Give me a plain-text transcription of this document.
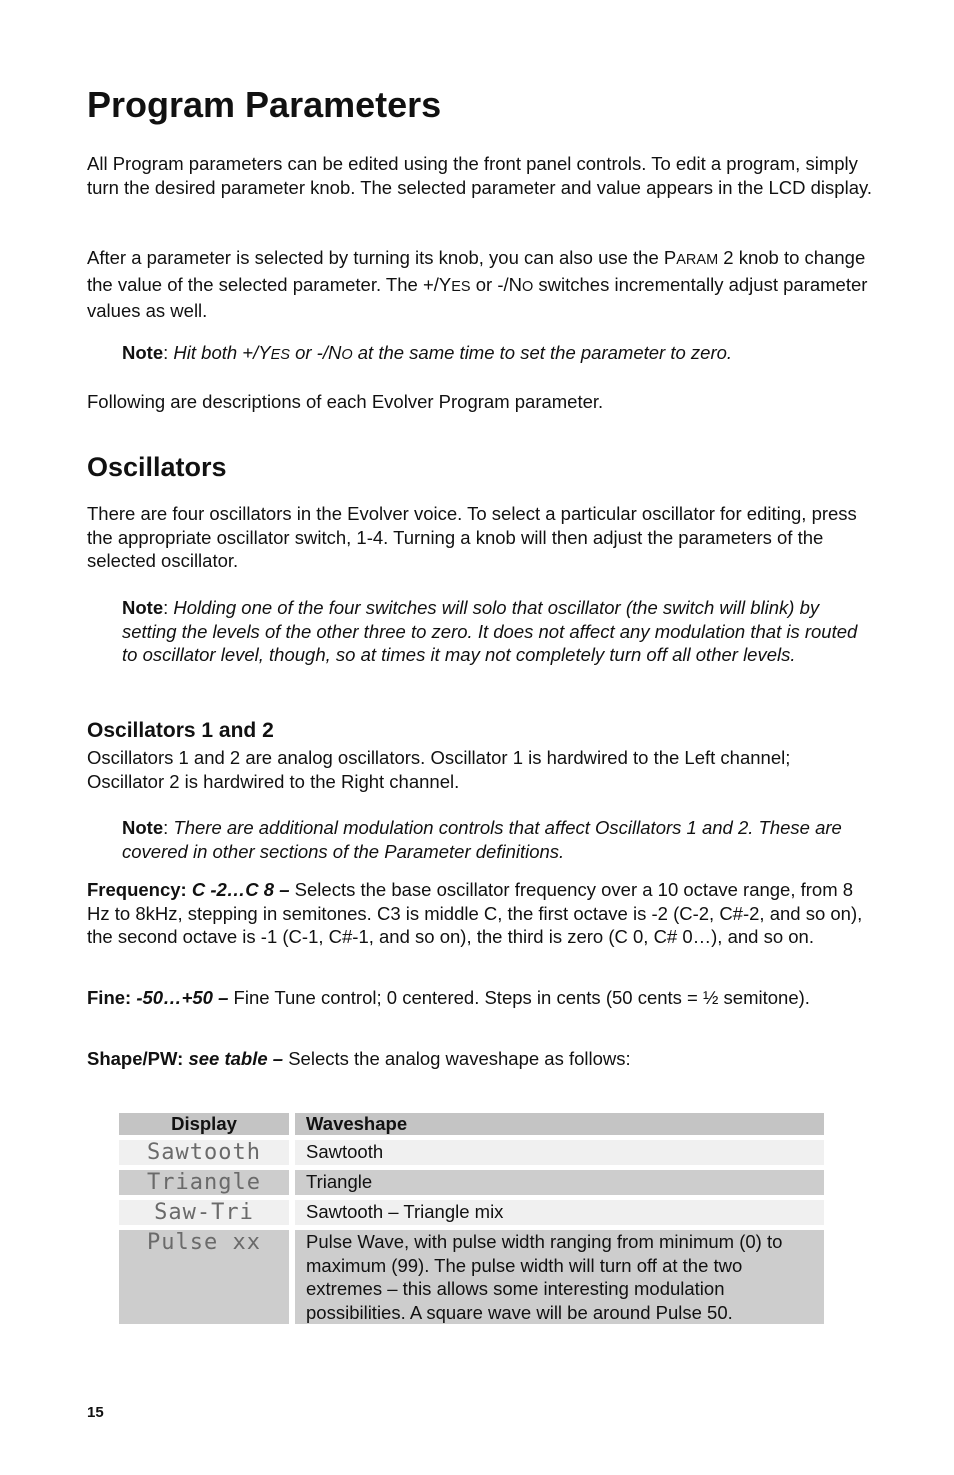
Program Parameters

All Program parameters can be edited using the front panel controls. To edit a program, simply turn the desired parameter knob. The selected parameter and value appears in the LCD display.

After a parameter is selected by turning its knob, you can also use the PARAM 2 knob to change the value of the selected parameter. The +/YES or -/NO switches incrementally adjust parameter values as well.

Note: Hit both +/YES or -/NO at the same time to set the parameter to zero.

Following are descriptions of each Evolver Program parameter.

Oscillators

There are four oscillators in the Evolver voice. To select a particular oscillator for editing, press the appropriate oscillator switch, 1-4. Turning a knob will then adjust the parameters of the selected oscillator.

Note: Holding one of the four switches will solo that oscillator (the switch will blink) by setting the levels of the other three to zero. It does not affect any modulation that is routed to oscillator level, though, so at times it may not completely turn off all other levels.

Oscillators 1 and 2

Oscillators 1 and 2 are analog oscillators. Oscillator 1 is hardwired to the Left channel; Oscillator 2 is hardwired to the Right channel.

Note: There are additional modulation controls that affect Oscillators 1 and 2. These are covered in other sections of the Parameter definitions.

Frequency: C -2…C 8 – Selects the base oscillator frequency over a 10 octave range, from 8 Hz to 8kHz, stepping in semitones. C3 is middle C, the first octave is -2 (C-2, C#-2, and so on), the second octave is -1 (C-1, C#-1, and so on), the third is zero (C 0, C# 0…), and so on.

Fine: -50…+50 – Fine Tune control; 0 centered. Steps in cents (50 cents = ½ semitone).

Shape/PW: see table – Selects the analog waveshape as follows:

Display		Waveshape
Sawtooth		Sawtooth
Triangle		Triangle
Saw-Tri		Sawtooth – Triangle mix
Pulse xx		Pulse Wave, with pulse width ranging from minimum (0) to maximum (99). The pulse width will turn off at the two extremes – this allows some interesting modulation possibilities. A square wave will be around Pulse 50.
15
